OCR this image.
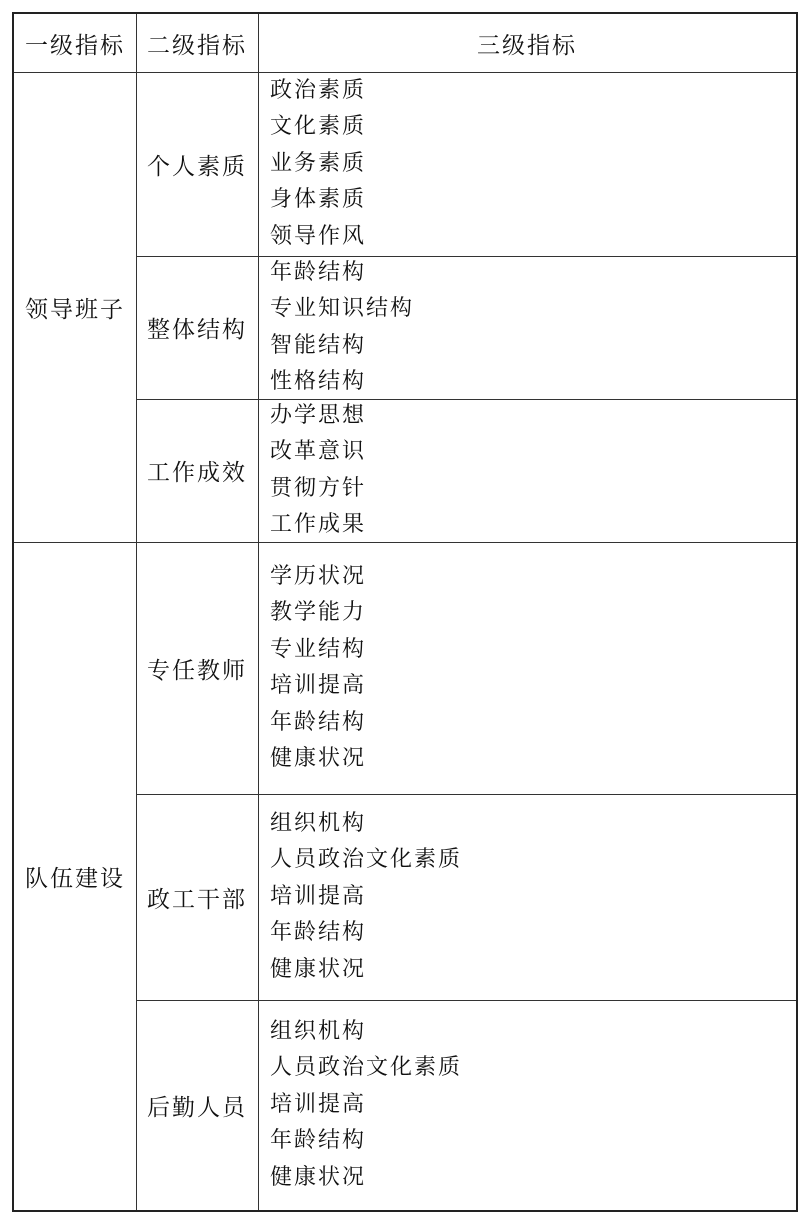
一级指标 二级指标	三级指标
领导班子
队伍建设
个人素质
整体结构
工作成效
专任教师
政工干部
后勤人员
政治素质
文化素质
业务素质
身体素质
领导作风
年龄结构
专业知识结构
智能结构
性格结构
办学思想
改革意识
贯彻方针
工作成果
学历状况
教学能力
专业结构
培训提高
年龄结构
健康状况
组织机构
人员政治文化素质
培训提高
年龄结构
健康状况
组织机构
人员政治文化素质
培训提高
年龄结构
健康状况
